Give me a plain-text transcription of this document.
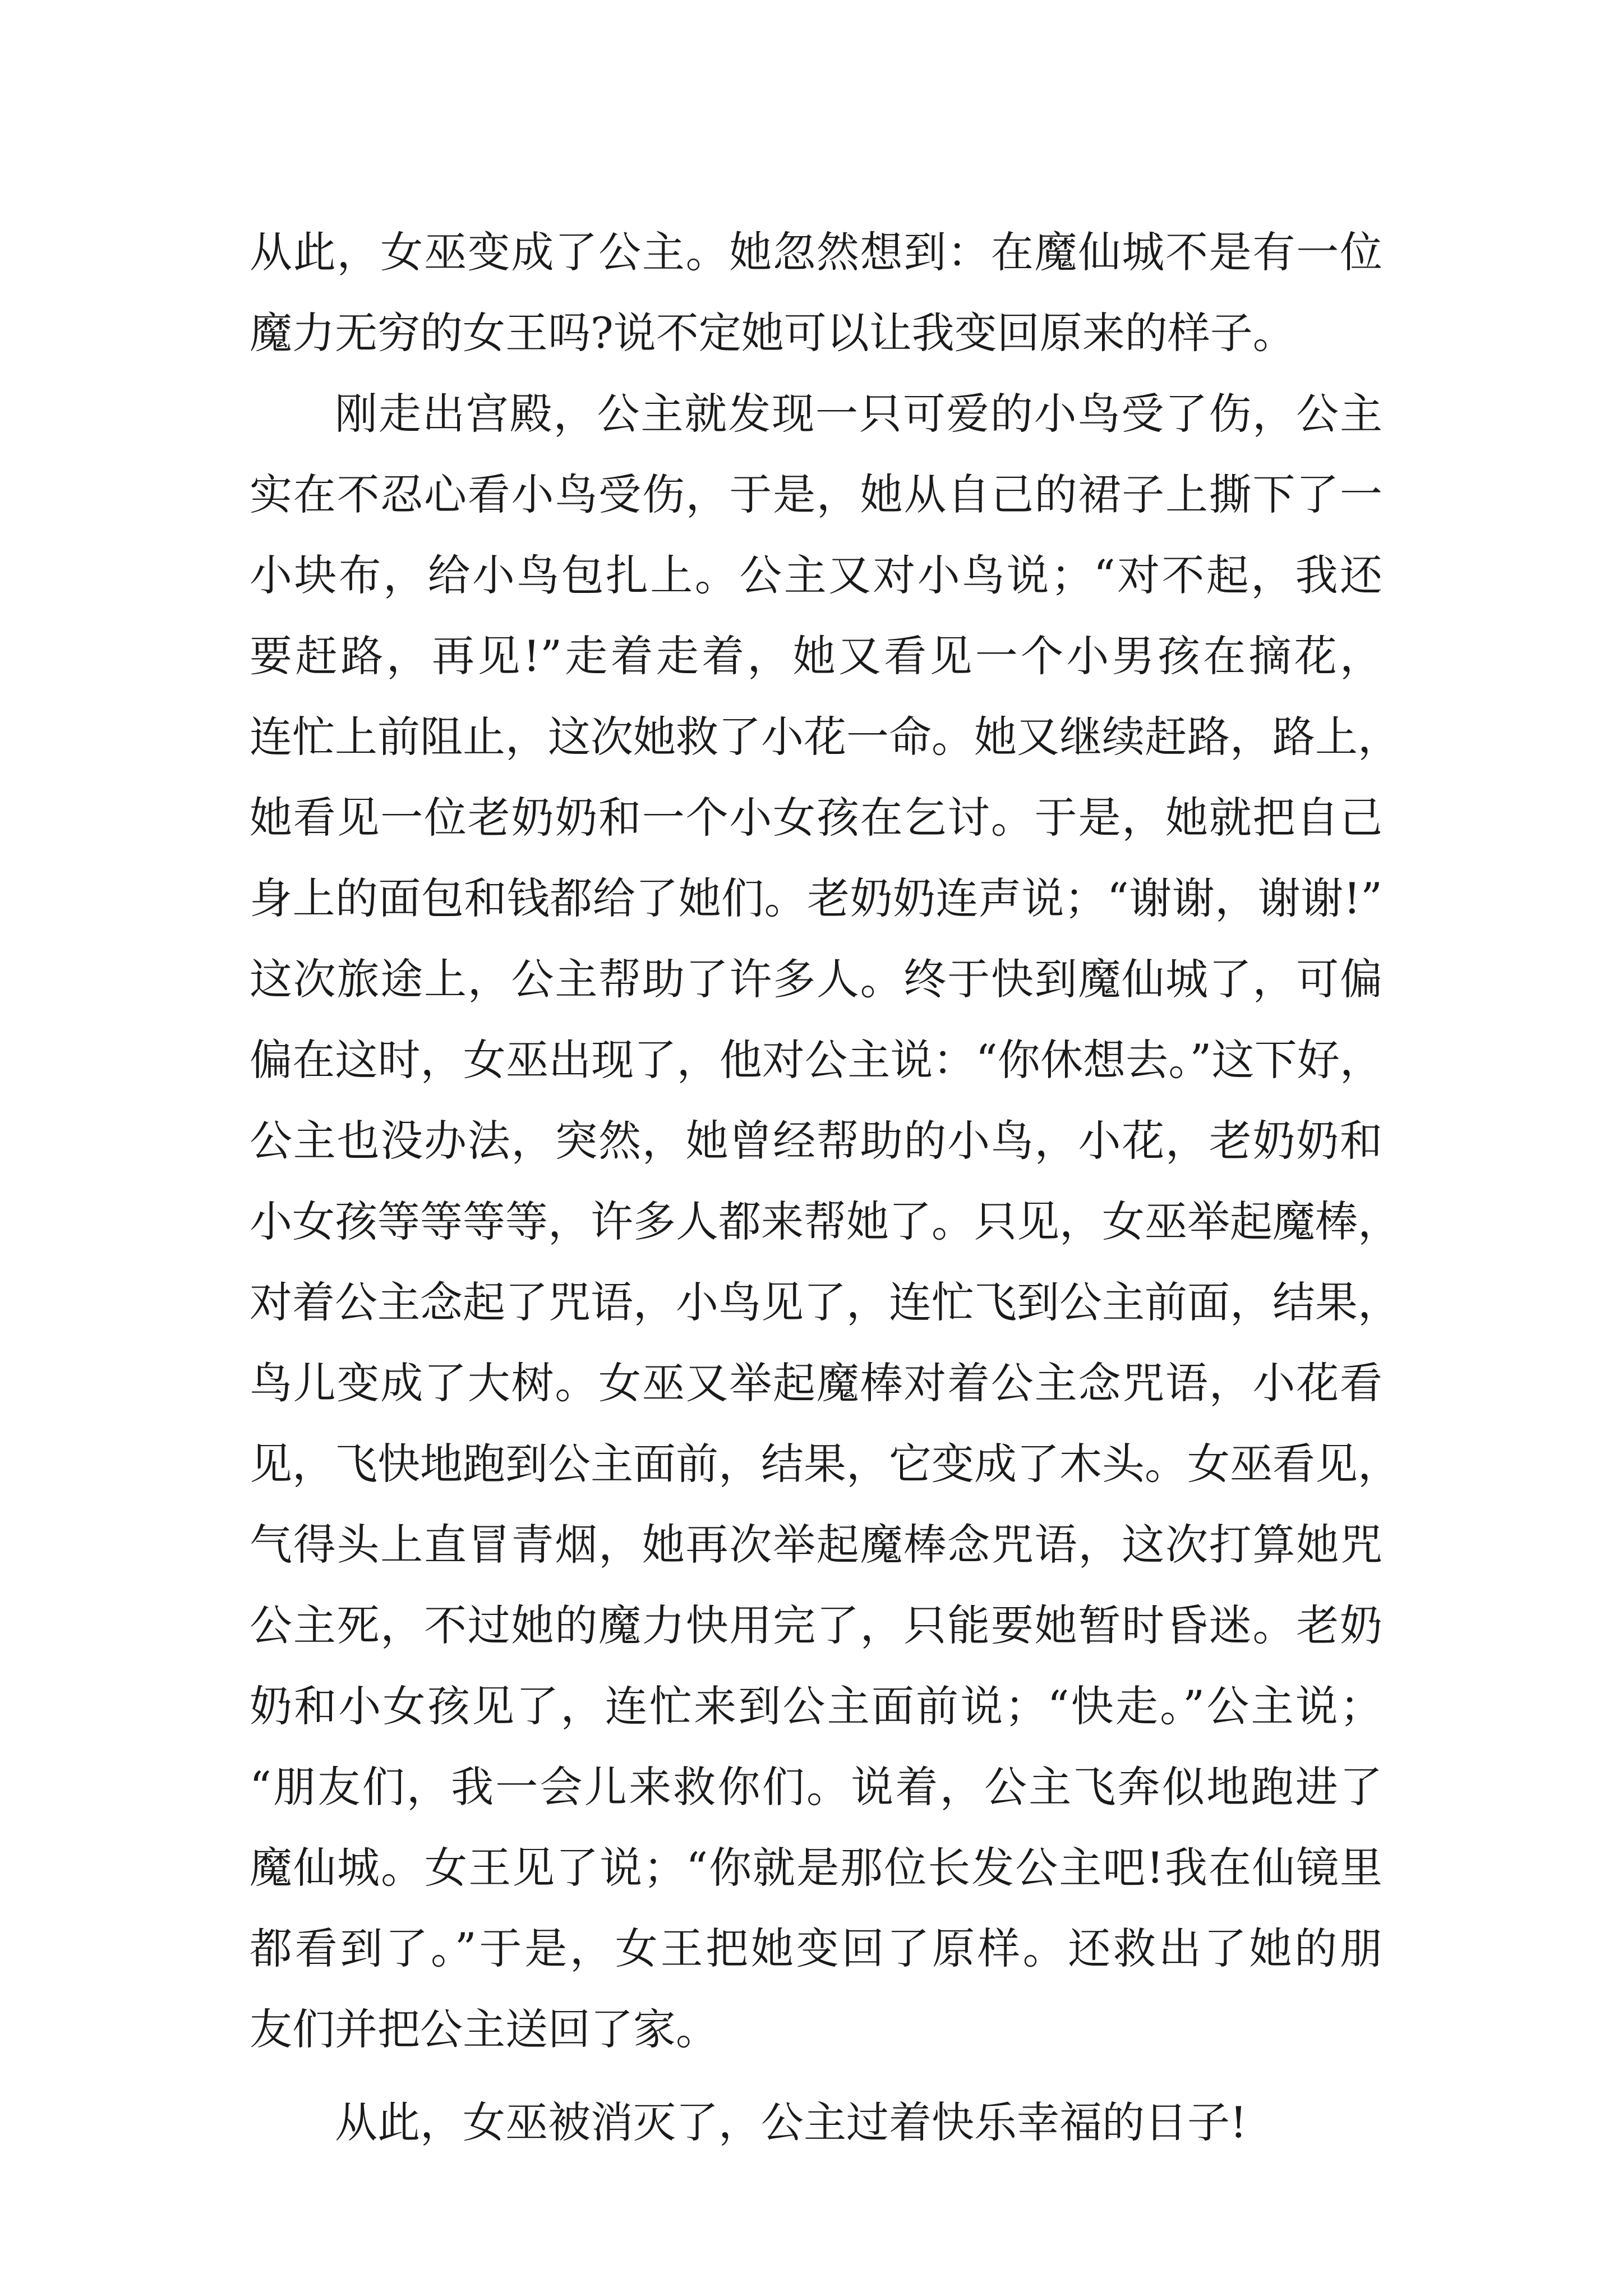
从此，女巫变成了公主。她忽然想到：在魔仙城不是有一位
魔力无穷的女王吗?说不定她可以让我变回原来的样子。
刚走出宫殿，公主就发现一只可爱的小鸟受了伤，公主
实在不忍心看小鸟受伤，于是，她从自己的裙子上撕下了一
小块布，给小鸟包扎上。公主又对小鸟说；“对不起，我还
要赶路，再见!”走着走着，她又看见一个小男孩在摘花，
连忙上前阻止，这次她救了小花一命。她又继续赶路，路上，
她看见一位老奶奶和一个小女孩在乞讨。于是，她就把自己
身上的面包和钱都给了她们。老奶奶连声说；“谢谢，谢谢!”
这次旅途上，公主帮助了许多人。终于快到魔仙城了，可偏
偏在这时，女巫出现了，他对公主说：“你休想去。”这下好，
公主也没办法，突然，她曾经帮助的小鸟，小花，老奶奶和
小女孩等等等等，许多人都来帮她了。只见，女巫举起魔棒，
对着公主念起了咒语，小鸟见了，连忙飞到公主前面，结果，
鸟儿变成了大树。女巫又举起魔棒对着公主念咒语，小花看
见，飞快地跑到公主面前，结果，它变成了木头。女巫看见，
气得头上直冒青烟，她再次举起魔棒念咒语，这次打算她咒
公主死，不过她的魔力快用完了，只能要她暂时昏迷。老奶
奶和小女孩见了，连忙来到公主面前说；“快走。”公主说；
“朋友们，我一会儿来救你们。说着，公主飞奔似地跑进了
魔仙城。女王见了说；“你就是那位长发公主吧!我在仙镜里
都看到了。”于是，女王把她变回了原样。还救出了她的朋
友们并把公主送回了家。
从此，女巫被消灭了，公主过着快乐幸福的日子!
